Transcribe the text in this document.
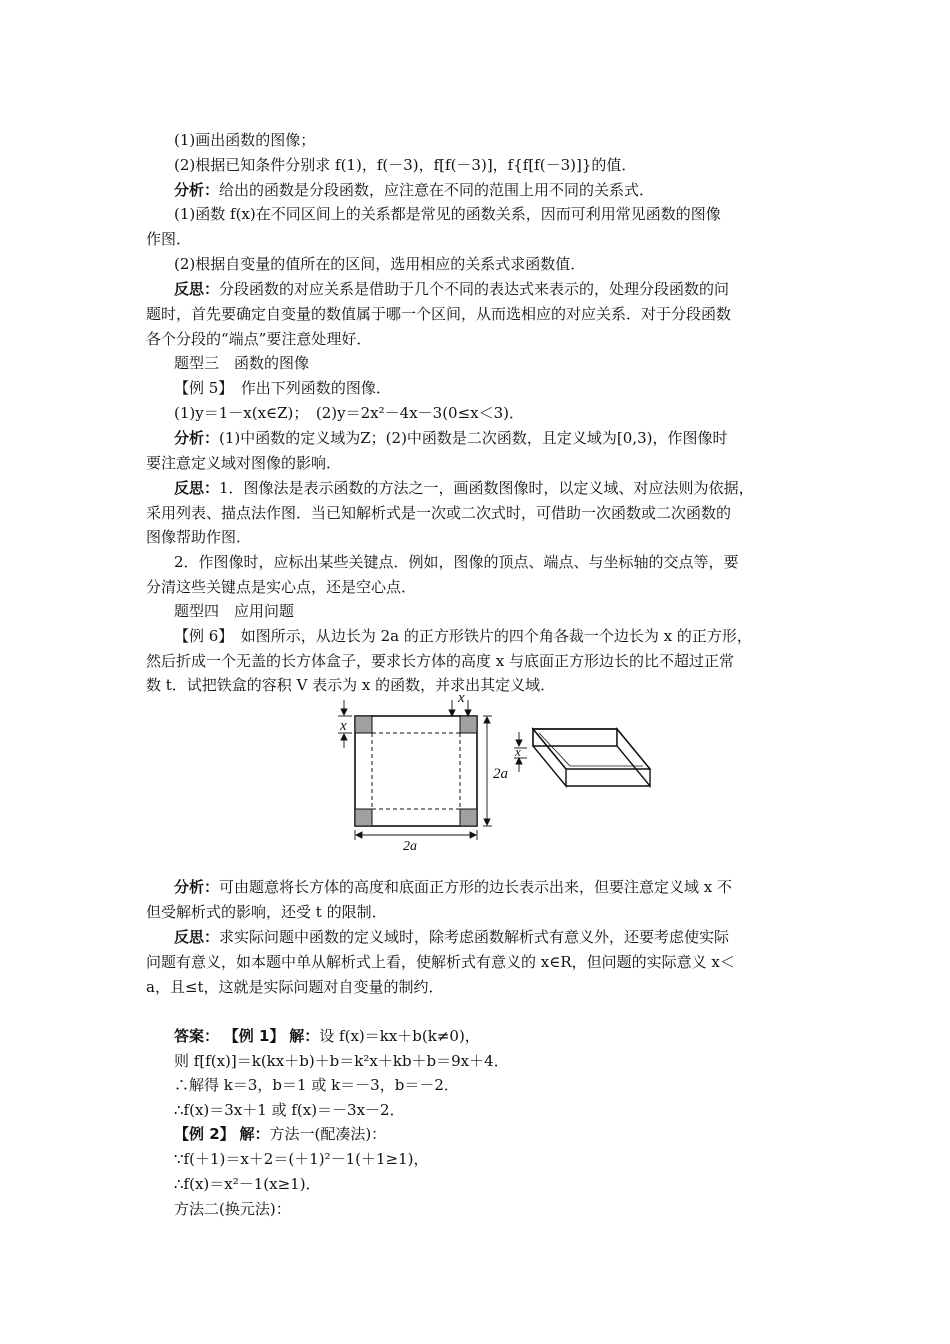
(1)画出函数的图像；
(2)根据已知条件分别求 f(1)，f(－3)，f[f(－3)]，f{f[f(－3)]}的值．
分析：给出的函数是分段函数，应注意在不同的范围上用不同的关系式．
(1)函数 f(x)在不同区间上的关系都是常见的函数关系，因而可利用常见函数的图像
作图．
(2)根据自变量的值所在的区间，选用相应的关系式求函数值．
反思：分段函数的对应关系是借助于几个不同的表达式来表示的，处理分段函数的问
题时，首先要确定自变量的数值属于哪一个区间，从而选相应的对应关系．对于分段函数
各个分段的“端点”要注意处理好．
题型三　函数的图像
【例 5】　作出下列函数的图像．
(1)y＝1－x(x∈Z)；　(2)y＝2x²－4x－3(0≤x＜3)．
分析：(1)中函数的定义域为Z；(2)中函数是二次函数，且定义域为[0,3)，作图像时
要注意定义域对图像的影响．
反思：1．图像法是表示函数的方法之一，画函数图像时，以定义域、对应法则为依据，
采用列表、描点法作图．当已知解析式是一次或二次式时，可借助一次函数或二次函数的
图像帮助作图．
2．作图像时，应标出某些关键点．例如，图像的顶点、端点、与坐标轴的交点等，要
分清这些关键点是实心点，还是空心点．
题型四　应用问题
【例 6】　如图所示，从边长为 2a 的正方形铁片的四个角各裁一个边长为 x 的正方形，
然后折成一个无盖的长方体盒子，要求长方体的高度 x 与底面正方形边长的比不超过正常
数 t．试把铁盒的容积 V 表示为 x 的函数，并求出其定义域．
x
x
2a
2a
x
分析：可由题意将长方体的高度和底面正方形的边长表示出来，但要注意定义域 x 不
但受解析式的影响，还受 t 的限制．
反思：求实际问题中函数的定义域时，除考虑函数解析式有意义外，还要考虑使实际
问题有意义，如本题中单从解析式上看，使解析式有意义的 x∈R，但问题的实际意义 x＜
a，且≤t，这就是实际问题对自变量的制约．
答案： 【例 1】 解：设 f(x)＝kx＋b(k≠0)，
则 f[f(x)]＝k(kx＋b)＋b＝k²x＋kb＋b＝9x＋4．
∴解得 k＝3，b＝1 或 k＝－3，b＝－2．
∴f(x)＝3x＋1 或 f(x)＝－3x－2．
【例 2】 解：方法一(配凑法)：
∵f(＋1)＝x＋2＝(＋1)²－1(＋1≥1)，
∴f(x)＝x²－1(x≥1)．
方法二(换元法)：
